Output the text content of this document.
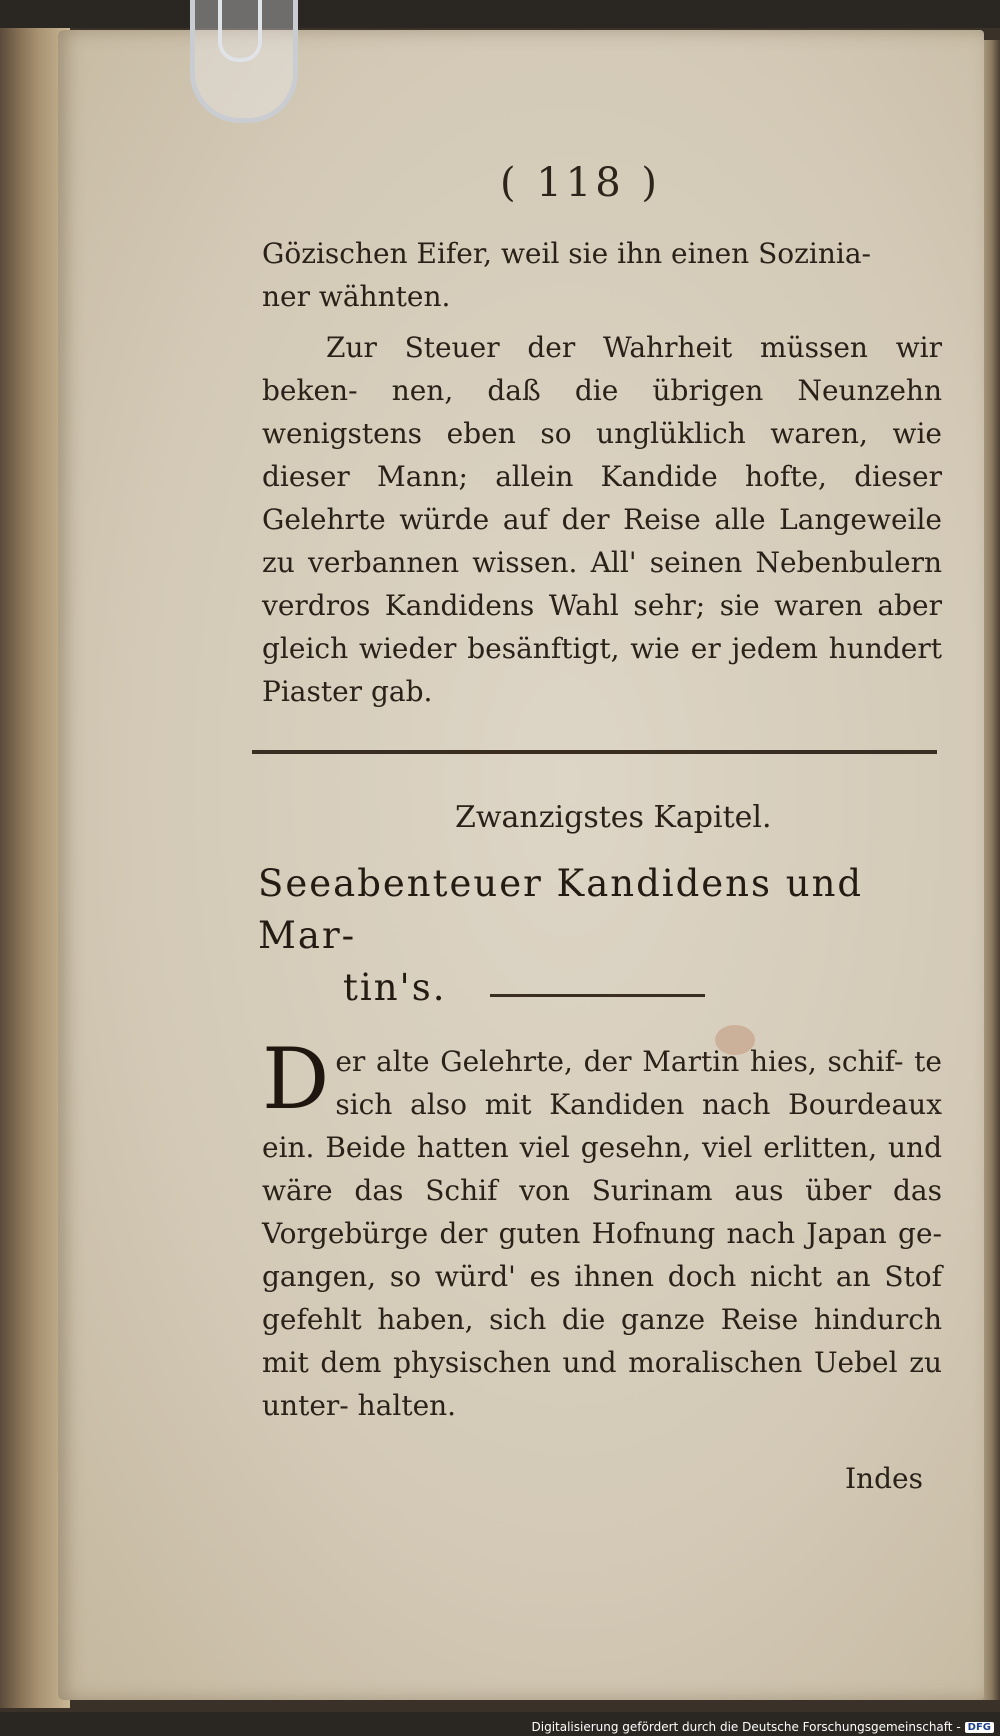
( 118 )

Gözischen Eifer, weil sie ihn einen Sozinia-

ner wähnten.

Zur Steuer der Wahrheit müssen wir beken- nen, daß die übrigen Neunzehn wenigstens eben so unglüklich waren, wie dieser Mann; allein Kandide hofte, dieser Gelehrte würde auf der Reise alle Langeweile zu verbannen wissen. All' seinen Nebenbulern verdros Kandidens Wahl sehr; sie waren aber gleich wieder besänftigt, wie er jedem hundert Piaster gab.

Zwanzigstes Kapitel.
Seeabenteuer Kandidens und Mar-
tin's.

D er alte Gelehrte, der Martin hies, schif- te sich also mit Kandiden nach Bourdeaux ein. Beide hatten viel gesehn, viel erlitten, und wäre das Schif von Surinam aus über das Vorgebürge der guten Hofnung nach Japan ge- gangen, so würd' es ihnen doch nicht an Stof gefehlt haben, sich die ganze Reise hindurch mit dem physischen und moralischen Uebel zu unter- halten.

Indes
Digitalisierung gefördert durch die Deutsche Forschungsgemeinschaft - DFG
